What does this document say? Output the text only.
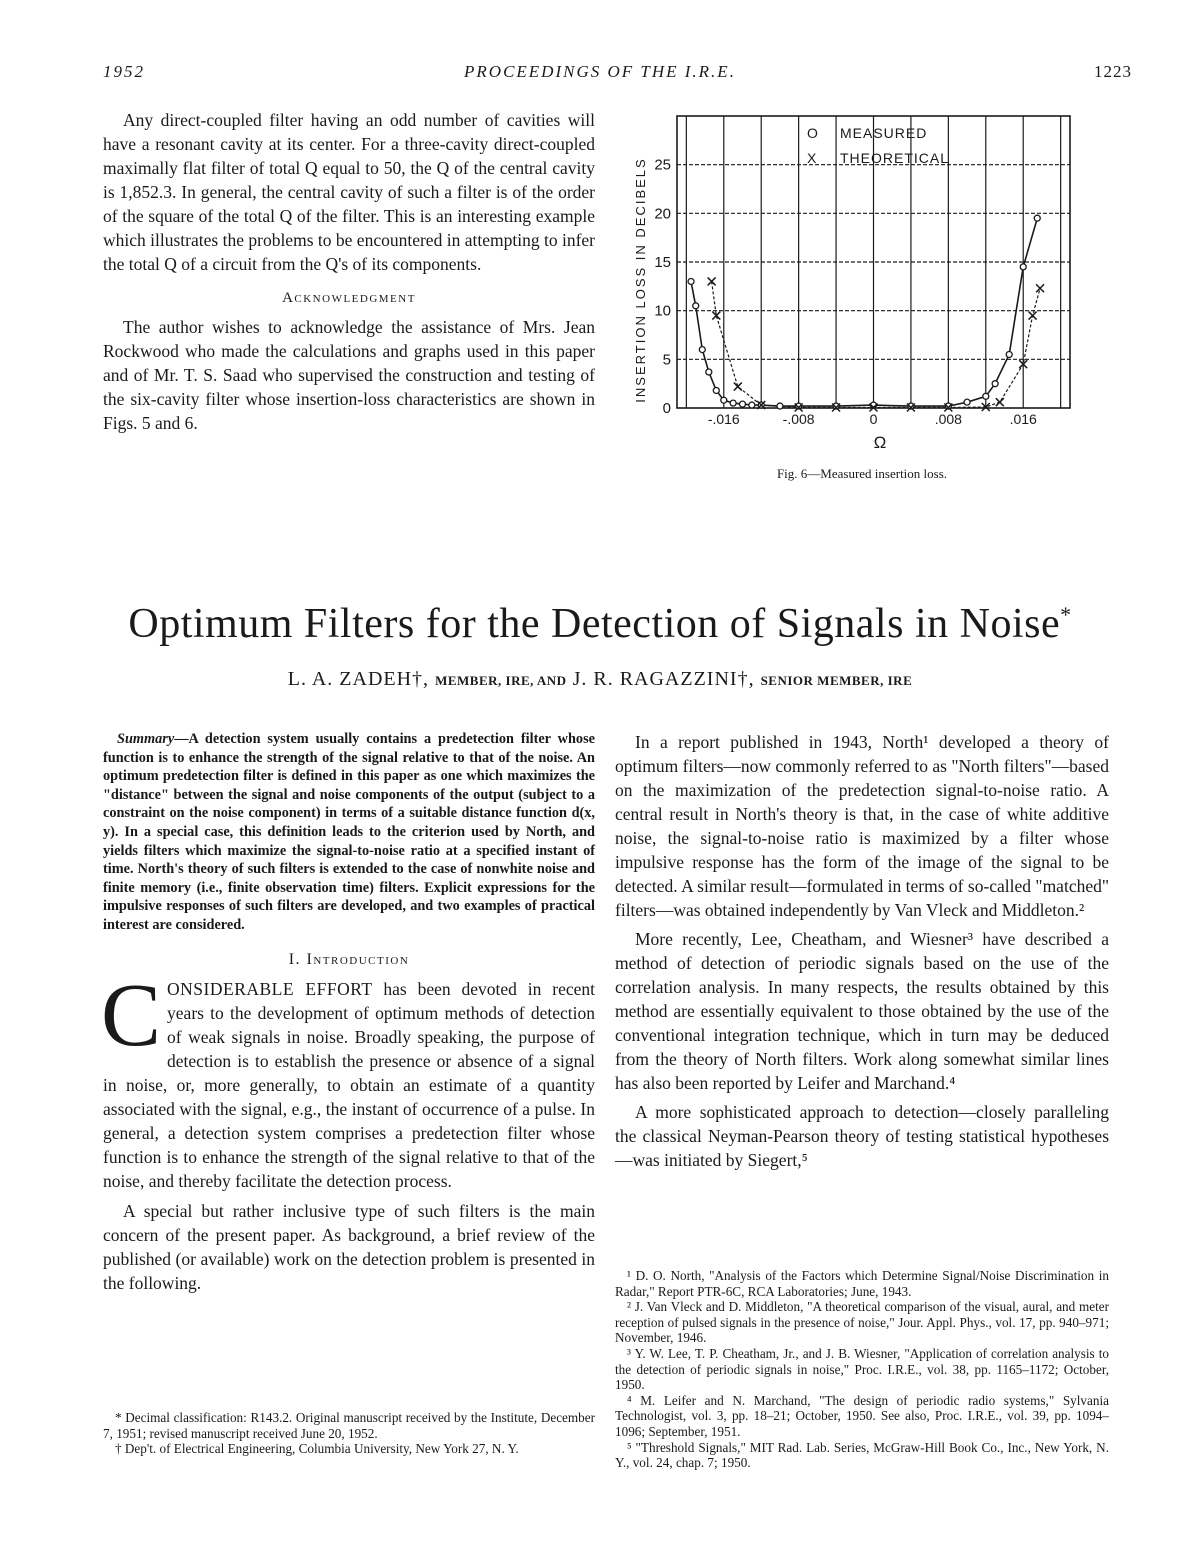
1952	PROCEEDINGS OF THE I.R.E.	1223

Any direct-coupled filter having an odd number of cavities will have a resonant cavity at its center. For a three-cavity direct-coupled maximally flat filter of total Q equal to 50, the Q of the central cavity is 1,852.3. In general, the central cavity of such a filter is of the order of the square of the total Q of the filter. This is an interesting example which illustrates the problems to be encountered in attempting to infer the total Q of a circuit from the Q's of its components.

Acknowledgment

The author wishes to acknowledge the assistance of Mrs. Jean Rockwood who made the calculations and graphs used in this paper and of Mr. T. S. Saad who supervised the construction and testing of the six-cavity filter whose insertion-loss characteristics are shown in Figs. 5 and 6.

0
5
10
15
20
25
-.016	-.008	0	.008	.016
INSERTION LOSS IN DECIBELS
Ω
O MEASURED
X THEORETICAL
Fig. 6—Measured insertion loss.
Optimum Filters for the Detection of Signals in Noise*
L. A. ZADEH†, MEMBER, IRE, AND J. R. RAGAZZINI†, SENIOR MEMBER, IRE

Summary—A detection system usually contains a predetection filter whose function is to enhance the strength of the signal relative to that of the noise. An optimum predetection filter is defined in this paper as one which maximizes the "distance" between the signal and noise components of the output (subject to a constraint on the noise component) in terms of a suitable distance function d(x, y). In a special case, this definition leads to the criterion used by North, and yields filters which maximize the signal-to-noise ratio at a specified instant of time. North's theory of such filters is extended to the case of nonwhite noise and finite memory (i.e., finite observation time) filters. Explicit expressions for the impulsive responses of such filters are developed, and two examples of practical interest are considered.

I. Introduction

CONSIDERABLE EFFORT has been devoted in recent years to the development of optimum methods of detection of weak signals in noise. Broadly speaking, the purpose of detection is to establish the presence or absence of a signal in noise, or, more generally, to obtain an estimate of a quantity associated with the signal, e.g., the instant of occurrence of a pulse. In general, a detection system comprises a predetection filter whose function is to enhance the strength of the signal relative to that of the noise, and thereby facilitate the detection process.

A special but rather inclusive type of such filters is the main concern of the present paper. As background, a brief review of the published (or available) work on the detection problem is presented in the following.

* Decimal classification: R143.2. Original manuscript received by the Institute, December 7, 1951; revised manuscript received June 20, 1952.

† Dep't. of Electrical Engineering, Columbia University, New York 27, N. Y.

In a report published in 1943, North¹ developed a theory of optimum filters—now commonly referred to as "North filters"—based on the maximization of the predetection signal-to-noise ratio. A central result in North's theory is that, in the case of white additive noise, the signal-to-noise ratio is maximized by a filter whose impulsive response has the form of the image of the signal to be detected. A similar result—formulated in terms of so-called "matched" filters—was obtained independently by Van Vleck and Middleton.²

More recently, Lee, Cheatham, and Wiesner³ have described a method of detection of periodic signals based on the use of the correlation analysis. In many respects, the results obtained by this method are essentially equivalent to those obtained by the use of the conventional integration technique, which in turn may be deduced from the theory of North filters. Work along somewhat similar lines has also been reported by Leifer and Marchand.⁴

A more sophisticated approach to detection—closely paralleling the classical Neyman-Pearson theory of testing statistical hypotheses—was initiated by Siegert,⁵

¹ D. O. North, "Analysis of the Factors which Determine Signal/Noise Discrimination in Radar," Report PTR-6C, RCA Laboratories; June, 1943.

² J. Van Vleck and D. Middleton, "A theoretical comparison of the visual, aural, and meter reception of pulsed signals in the presence of noise," Jour. Appl. Phys., vol. 17, pp. 940–971; November, 1946.

³ Y. W. Lee, T. P. Cheatham, Jr., and J. B. Wiesner, "Application of correlation analysis to the detection of periodic signals in noise," Proc. I.R.E., vol. 38, pp. 1165–1172; October, 1950.

⁴ M. Leifer and N. Marchand, "The design of periodic radio systems," Sylvania Technologist, vol. 3, pp. 18–21; October, 1950. See also, Proc. I.R.E., vol. 39, pp. 1094–1096; September, 1951.

⁵ "Threshold Signals," MIT Rad. Lab. Series, McGraw-Hill Book Co., Inc., New York, N. Y., vol. 24, chap. 7; 1950.
